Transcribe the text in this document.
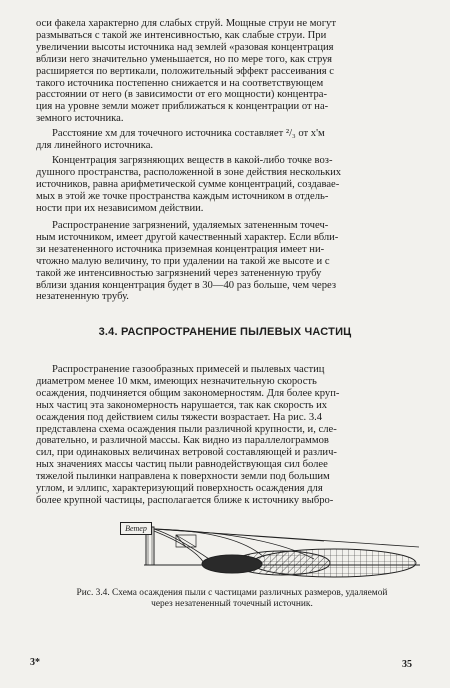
оси факела характерно для слабых струй. Мощные струи не могут
размываться с такой же интенсивностью, как слабые струи. При
увеличении высоты источника над землей «разовая концентрация
вблизи него значительно уменьшается, но по мере того, как струя
расширяется по вертикали, положительный эффект рассеивания с
такого источника постепенно снижается и на соответствующем
расстоянии от него (в зависимости от его мощности) концентра-
ция на уровне земли может приближаться к концентрации от на-
земного источника.

Расстояние xм для точечного источника составляет ²/₃ от x'м
для линейного источника.

Концентрация загрязняющих веществ в какой-либо точке воз-
душного пространства, расположенной в зоне действия нескольких
источников, равна арифметической сумме концентраций, создавае-
мых в этой же точке пространства каждым источником в отдель-
ности при их независимом действии.

Распространение загрязнений, удаляемых затененным точеч-
ным источником, имеет другой качественный характер. Если вбли-
зи незатененного источника приземная концентрация имеет ни-
чтожно малую величину, то при удалении на такой же высоте и с
такой же интенсивностью загрязнений через затененную трубу
вблизи здания концентрация будет в 30—40 раз больше, чем через
незатененную трубу.

3.4. РАСПРОСТРАНЕНИЕ ПЫЛЕВЫХ ЧАСТИЦ

Распространение газообразных примесей и пылевых частиц
диаметром менее 10 мкм, имеющих незначительную скорость
осаждения, подчиняется общим закономерностям. Для более круп-
ных частиц эта закономерность нарушается, так как скорость их
осаждения под действием силы тяжести возрастает. На рис. 3.4
представлена схема осаждения пыли различной крупности, и, сле-
довательно, и различной массы. Как видно из параллелограммов
сил, при одинаковых величинах ветровой составляющей и различ-
ных значениях массы частиц пыли равнодействующая сил более
тяжелой пылинки направлена к поверхности земли под большим
углом, и эллипс, характеризующий поверхность осаждения для
более крупной частицы, располагается ближе к источнику выбро-

Ветер
Рис. 3.4. Схема осаждения пыли с частицами различных размеров, удаляемой
через незатененный точечный источник.
3*	35
